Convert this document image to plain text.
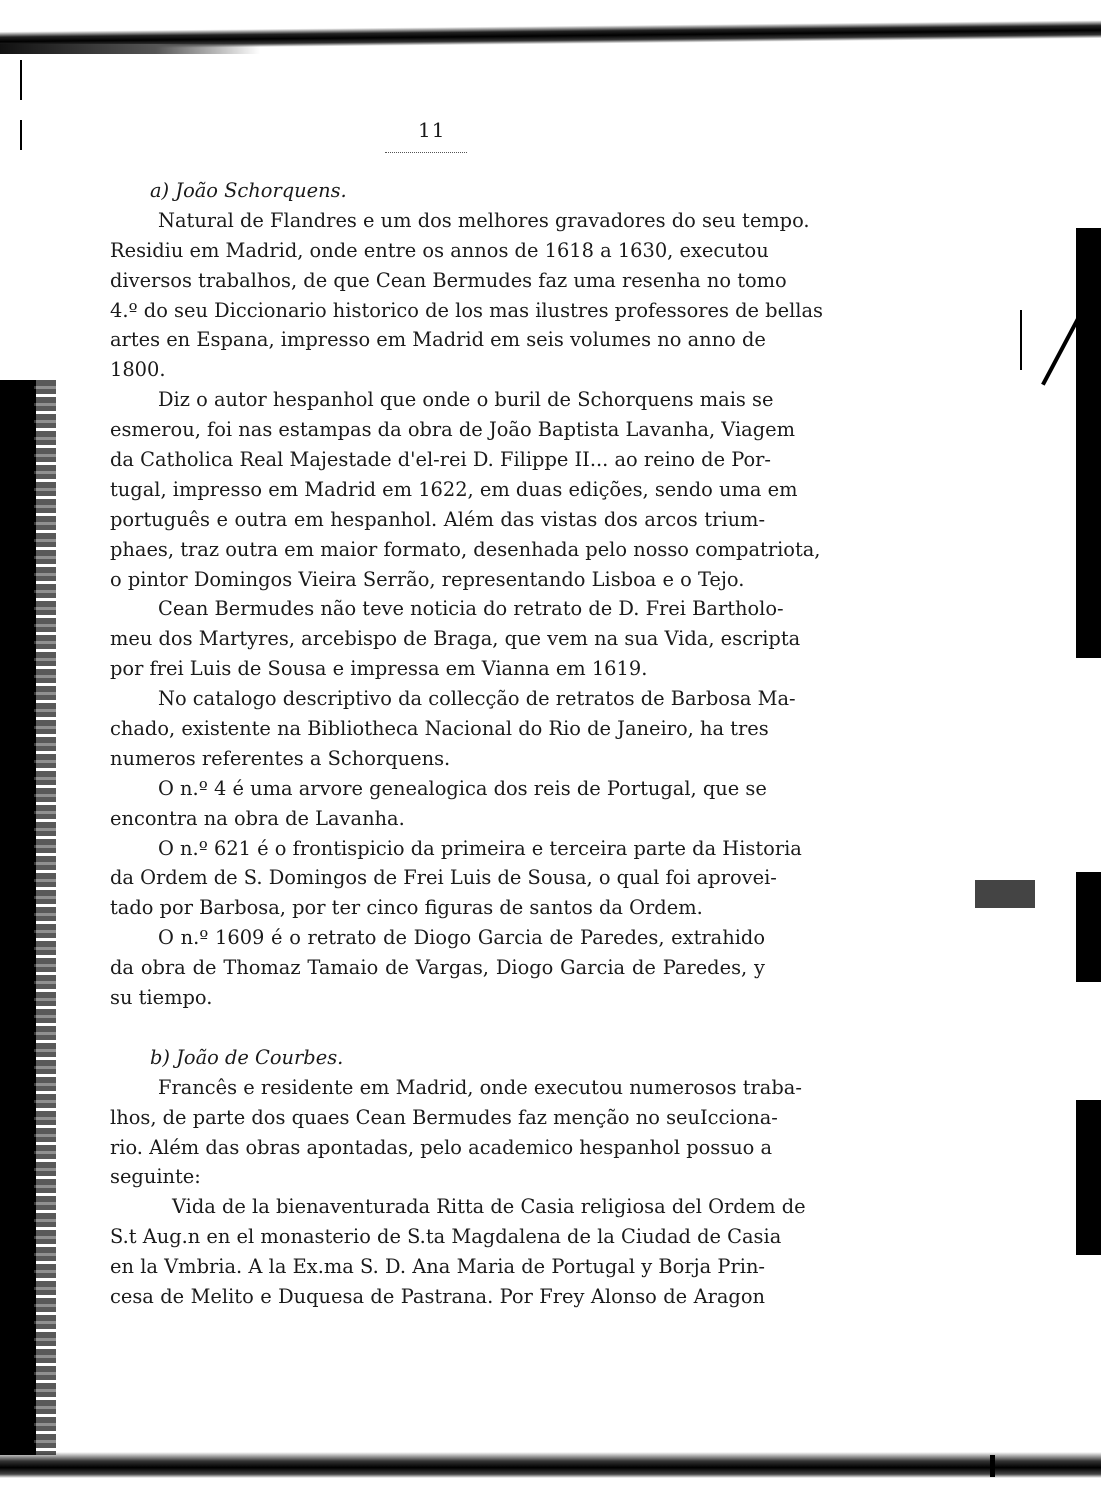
11
a) João Schorquens.
Natural de Flandres e um dos melhores gravadores do seu tempo.
Residiu em Madrid, onde entre os annos de 1618 a 1630, executou
diversos trabalhos, de que Cean Bermudes faz uma resenha no tomo
4.º do seu Diccionario historico de los mas ilustres professores de bellas
artes en Espana, impresso em Madrid em seis volumes no anno de
1800.
Diz o autor hespanhol que onde o buril de Schorquens mais se
esmerou, foi nas estampas da obra de João Baptista Lavanha, Viagem
da Catholica Real Majestade d'el-rei D. Filippe II... ao reino de Por-
tugal, impresso em Madrid em 1622, em duas edições, sendo uma em
português e outra em hespanhol. Além das vistas dos arcos trium-
phaes, traz outra em maior formato, desenhada pelo nosso compatriota,
o pintor Domingos Vieira Serrão, representando Lisboa e o Tejo.
Cean Bermudes não teve noticia do retrato de D. Frei Bartholo-
meu dos Martyres, arcebispo de Braga, que vem na sua Vida, escripta
por frei Luis de Sousa e impressa em Vianna em 1619.
No catalogo descriptivo da collecção de retratos de Barbosa Ma-
chado, existente na Bibliotheca Nacional do Rio de Janeiro, ha tres
numeros referentes a Schorquens.
O n.º 4 é uma arvore genealogica dos reis de Portugal, que se
encontra na obra de Lavanha.
O n.º 621 é o frontispicio da primeira e terceira parte da Historia
da Ordem de S. Domingos de Frei Luis de Sousa, o qual foi aprovei-
tado por Barbosa, por ter cinco figuras de santos da Ordem.
O n.º 1609 é o retrato de Diogo Garcia de Paredes, extrahido
da obra de Thomaz Tamaio de Vargas, Diogo Garcia de Paredes, y
su tiempo.
b) João de Courbes.
Francês e residente em Madrid, onde executou numerosos traba-
lhos, de parte dos quaes Cean Bermudes faz menção no seuIcciona-
rio. Além das obras apontadas, pelo academico hespanhol possuo a
seguinte:
Vida de la bienaventurada Ritta de Casia religiosa del Ordem de
S.t Aug.n en el monasterio de S.ta Magdalena de la Ciudad de Casia
en la Vmbria. A la Ex.ma S. D. Ana Maria de Portugal y Borja Prin-
cesa de Melito e Duquesa de Pastrana. Por Frey Alonso de Aragon
